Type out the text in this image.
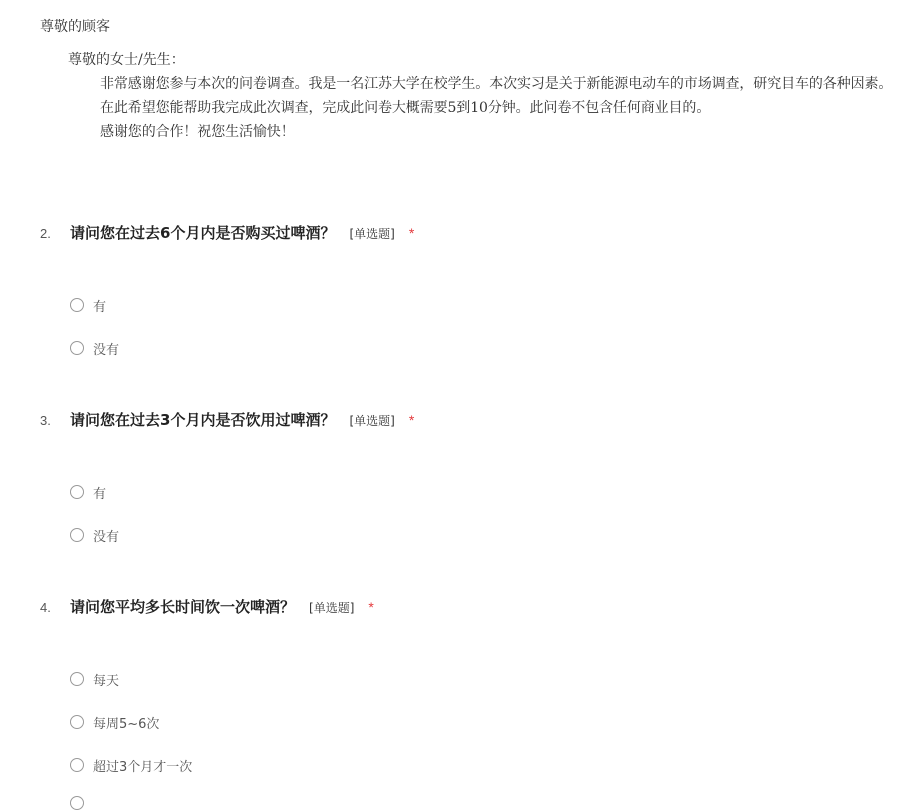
尊敬的顾客

尊敬的女士/先生：

非常感谢您参与本次的问卷调查。我是一名江苏大学在校学生。本次实习是关于新能源电动车的市场调查，研究目车的各种因素。

在此希望您能帮助我完成此次调查，完成此问卷大概需要5到10分钟。此问卷不包含任何商业目的。

感谢您的合作！祝您生活愉快！

2.	请问您在过去6个月内是否购买过啤酒？ [单选题] *
有
没有
3.	请问您在过去3个月内是否饮用过啤酒？ [单选题] *
有
没有
4.	请问您平均多长时间饮一次啤酒？ [单选题] *
每天
每周5~6次
超过3个月才一次
